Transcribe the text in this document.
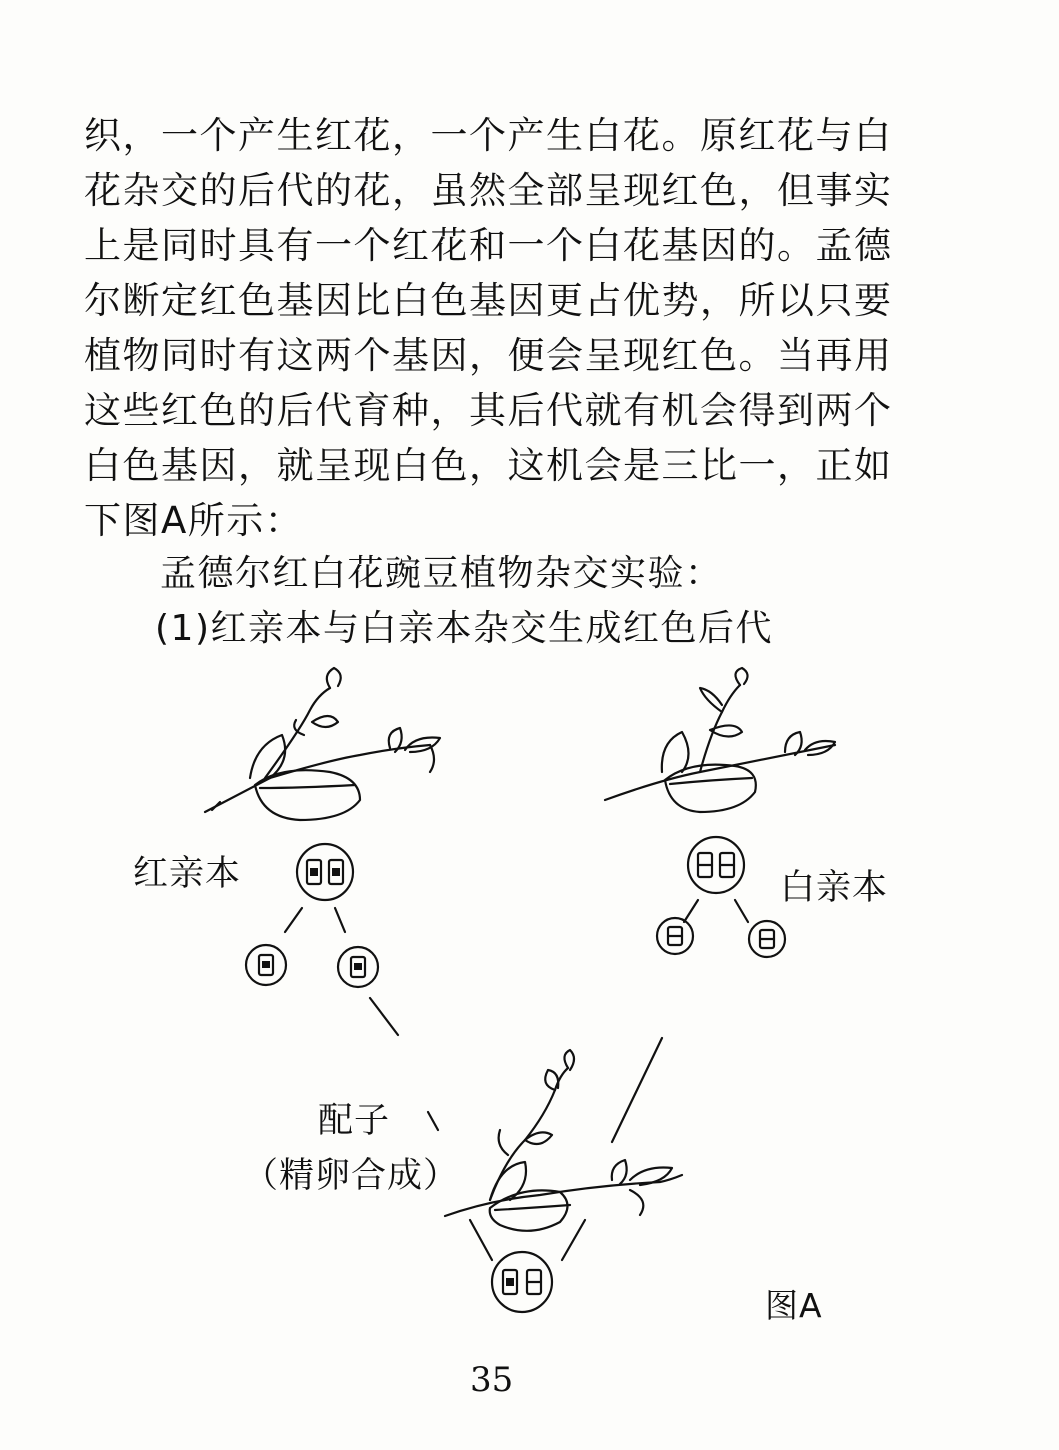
织，一个产生红花，一个产生白花。原红花与白
花杂交的后代的花，虽然全部呈现红色，但事实
上是同时具有一个红花和一个白花基因的。孟德
尔断定红色基因比白色基因更占优势，所以只要
植物同时有这两个基因，便会呈现红色。当再用
这些红色的后代育种，其后代就有机会得到两个
白色基因，就呈现白色，这机会是三比一，正如
下图A所示：
孟德尔红白花豌豆植物杂交实验：
(1)红亲本与白亲本杂交生成红色后代
红亲本	白亲本
配子
（精卵合成）
图A
35
